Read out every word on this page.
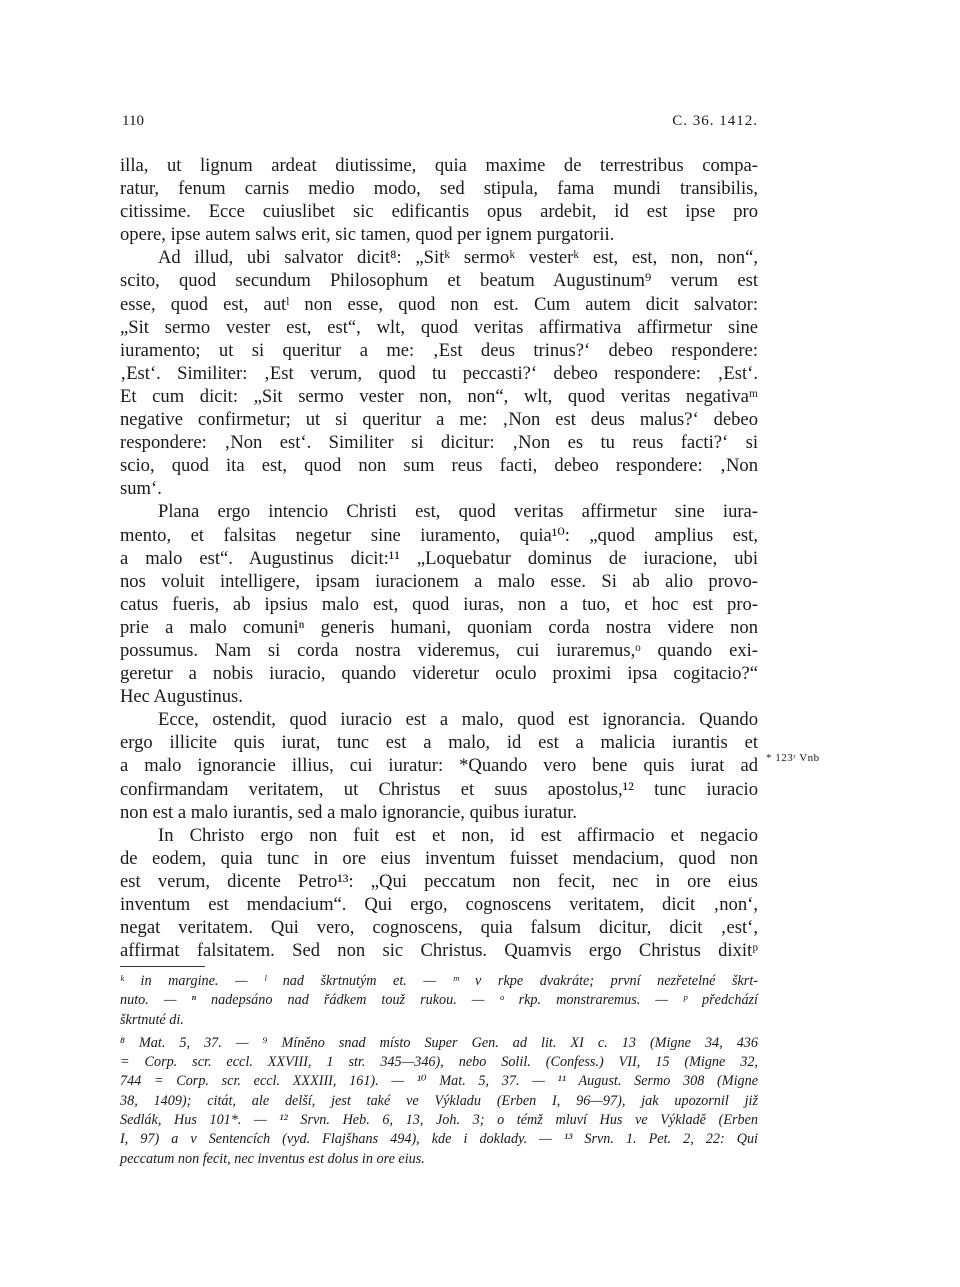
110	C. 36. 1412.
illa, ut lignum ardeat diutissime, quia maxime de terrestribus compa-
ratur, fenum carnis medio modo, sed stipula, fama mundi transibilis,
citissime. Ecce cuiuslibet sic edificantis opus ardebit, id est ipse pro
opere, ipse autem salws erit, sic tamen, quod per ignem purgatorii.
Ad illud, ubi salvator dicit⁸: „Sitᵏ sermoᵏ vesterᵏ est, est, non, non“,
scito, quod secundum Philosophum et beatum Augustinum⁹ verum est
esse, quod est, autˡ non esse, quod non est. Cum autem dicit salvator:
„Sit sermo vester est, est“, wlt, quod veritas affirmativa affirmetur sine
iuramento; ut si queritur a me: ‚Est deus trinus?‘ debeo respondere:
‚Est‘. Similiter: ‚Est verum, quod tu peccasti?‘ debeo respondere: ‚Est‘.
Et cum dicit: „Sit sermo vester non, non“, wlt, quod veritas negativaᵐ
negative confirmetur; ut si queritur a me: ‚Non est deus malus?‘ debeo
respondere: ‚Non est‘. Similiter si dicitur: ‚Non es tu reus facti?‘ si
scio, quod ita est, quod non sum reus facti, debeo respondere: ‚Non
sum‘.
Plana ergo intencio Christi est, quod veritas affirmetur sine iura-
mento, et falsitas negetur sine iuramento, quia¹⁰: „quod amplius est,
a malo est“. Augustinus dicit:¹¹ „Loquebatur dominus de iuracione, ubi
nos voluit intelligere, ipsam iuracionem a malo esse. Si ab alio provo-
catus fueris, ab ipsius malo est, quod iuras, non a tuo, et hoc est pro-
prie a malo comuniⁿ generis humani, quoniam corda nostra videre non
possumus. Nam si corda nostra videremus, cui iuraremus,ᵒ quando exi-
geretur a nobis iuracio, quando videretur oculo proximi ipsa cogitacio?“
Hec Augustinus.
Ecce, ostendit, quod iuracio est a malo, quod est ignorancia. Quando
ergo illicite quis iurat, tunc est a malo, id est a malicia iurantis et
a malo ignorancie illius, cui iuratur: *Quando vero bene quis iurat ad
confirmandam veritatem, ut Christus et suus apostolus,¹² tunc iuracio
non est a malo iurantis, sed a malo ignorancie, quibus iuratur.
In Christo ergo non fuit est et non, id est affirmacio et negacio
de eodem, quia tunc in ore eius inventum fuisset mendacium, quod non
est verum, dicente Petro¹³: „Qui peccatum non fecit, nec in ore eius
inventum est mendacium“. Qui ergo, cognoscens veritatem, dicit ‚non‘,
negat veritatem. Qui vero, cognoscens, quia falsum dicitur, dicit ‚est‘,
affirmat falsitatem. Sed non sic Christus. Quamvis ergo Christus dixitᵖ
* 123ʳ Vnb
ᵏ in margine. — ˡ nad škrtnutým et. — ᵐ v rkpe dvakráte; první nezřetelné škrt-
nuto. — ⁿ nadepsáno nad řádkem touž rukou. — ᵒ rkp. monstraremus. — ᵖ předchází
škrtnuté di.
⁸ Mat. 5, 37. — ⁹ Míněno snad místo Super Gen. ad lit. XI c. 13 (Migne 34, 436
= Corp. scr. eccl. XXVIII, 1 str. 345—346), nebo Solil. (Confess.) VII, 15 (Migne 32,
744 = Corp. scr. eccl. XXXIII, 161). — ¹⁰ Mat. 5, 37. — ¹¹ August. Sermo 308 (Migne
38, 1409); citát, ale delší, jest také ve Výkladu (Erben I, 96—97), jak upozornil již
Sedlák, Hus 101*. — ¹² Srvn. Heb. 6, 13, Joh. 3; o témž mluví Hus ve Výkladě (Erben
I, 97) a v Sentencích (vyd. Flajšhans 494), kde i doklady. — ¹³ Srvn. 1. Pet. 2, 22: Qui
peccatum non fecit, nec inventus est dolus in ore eius.
